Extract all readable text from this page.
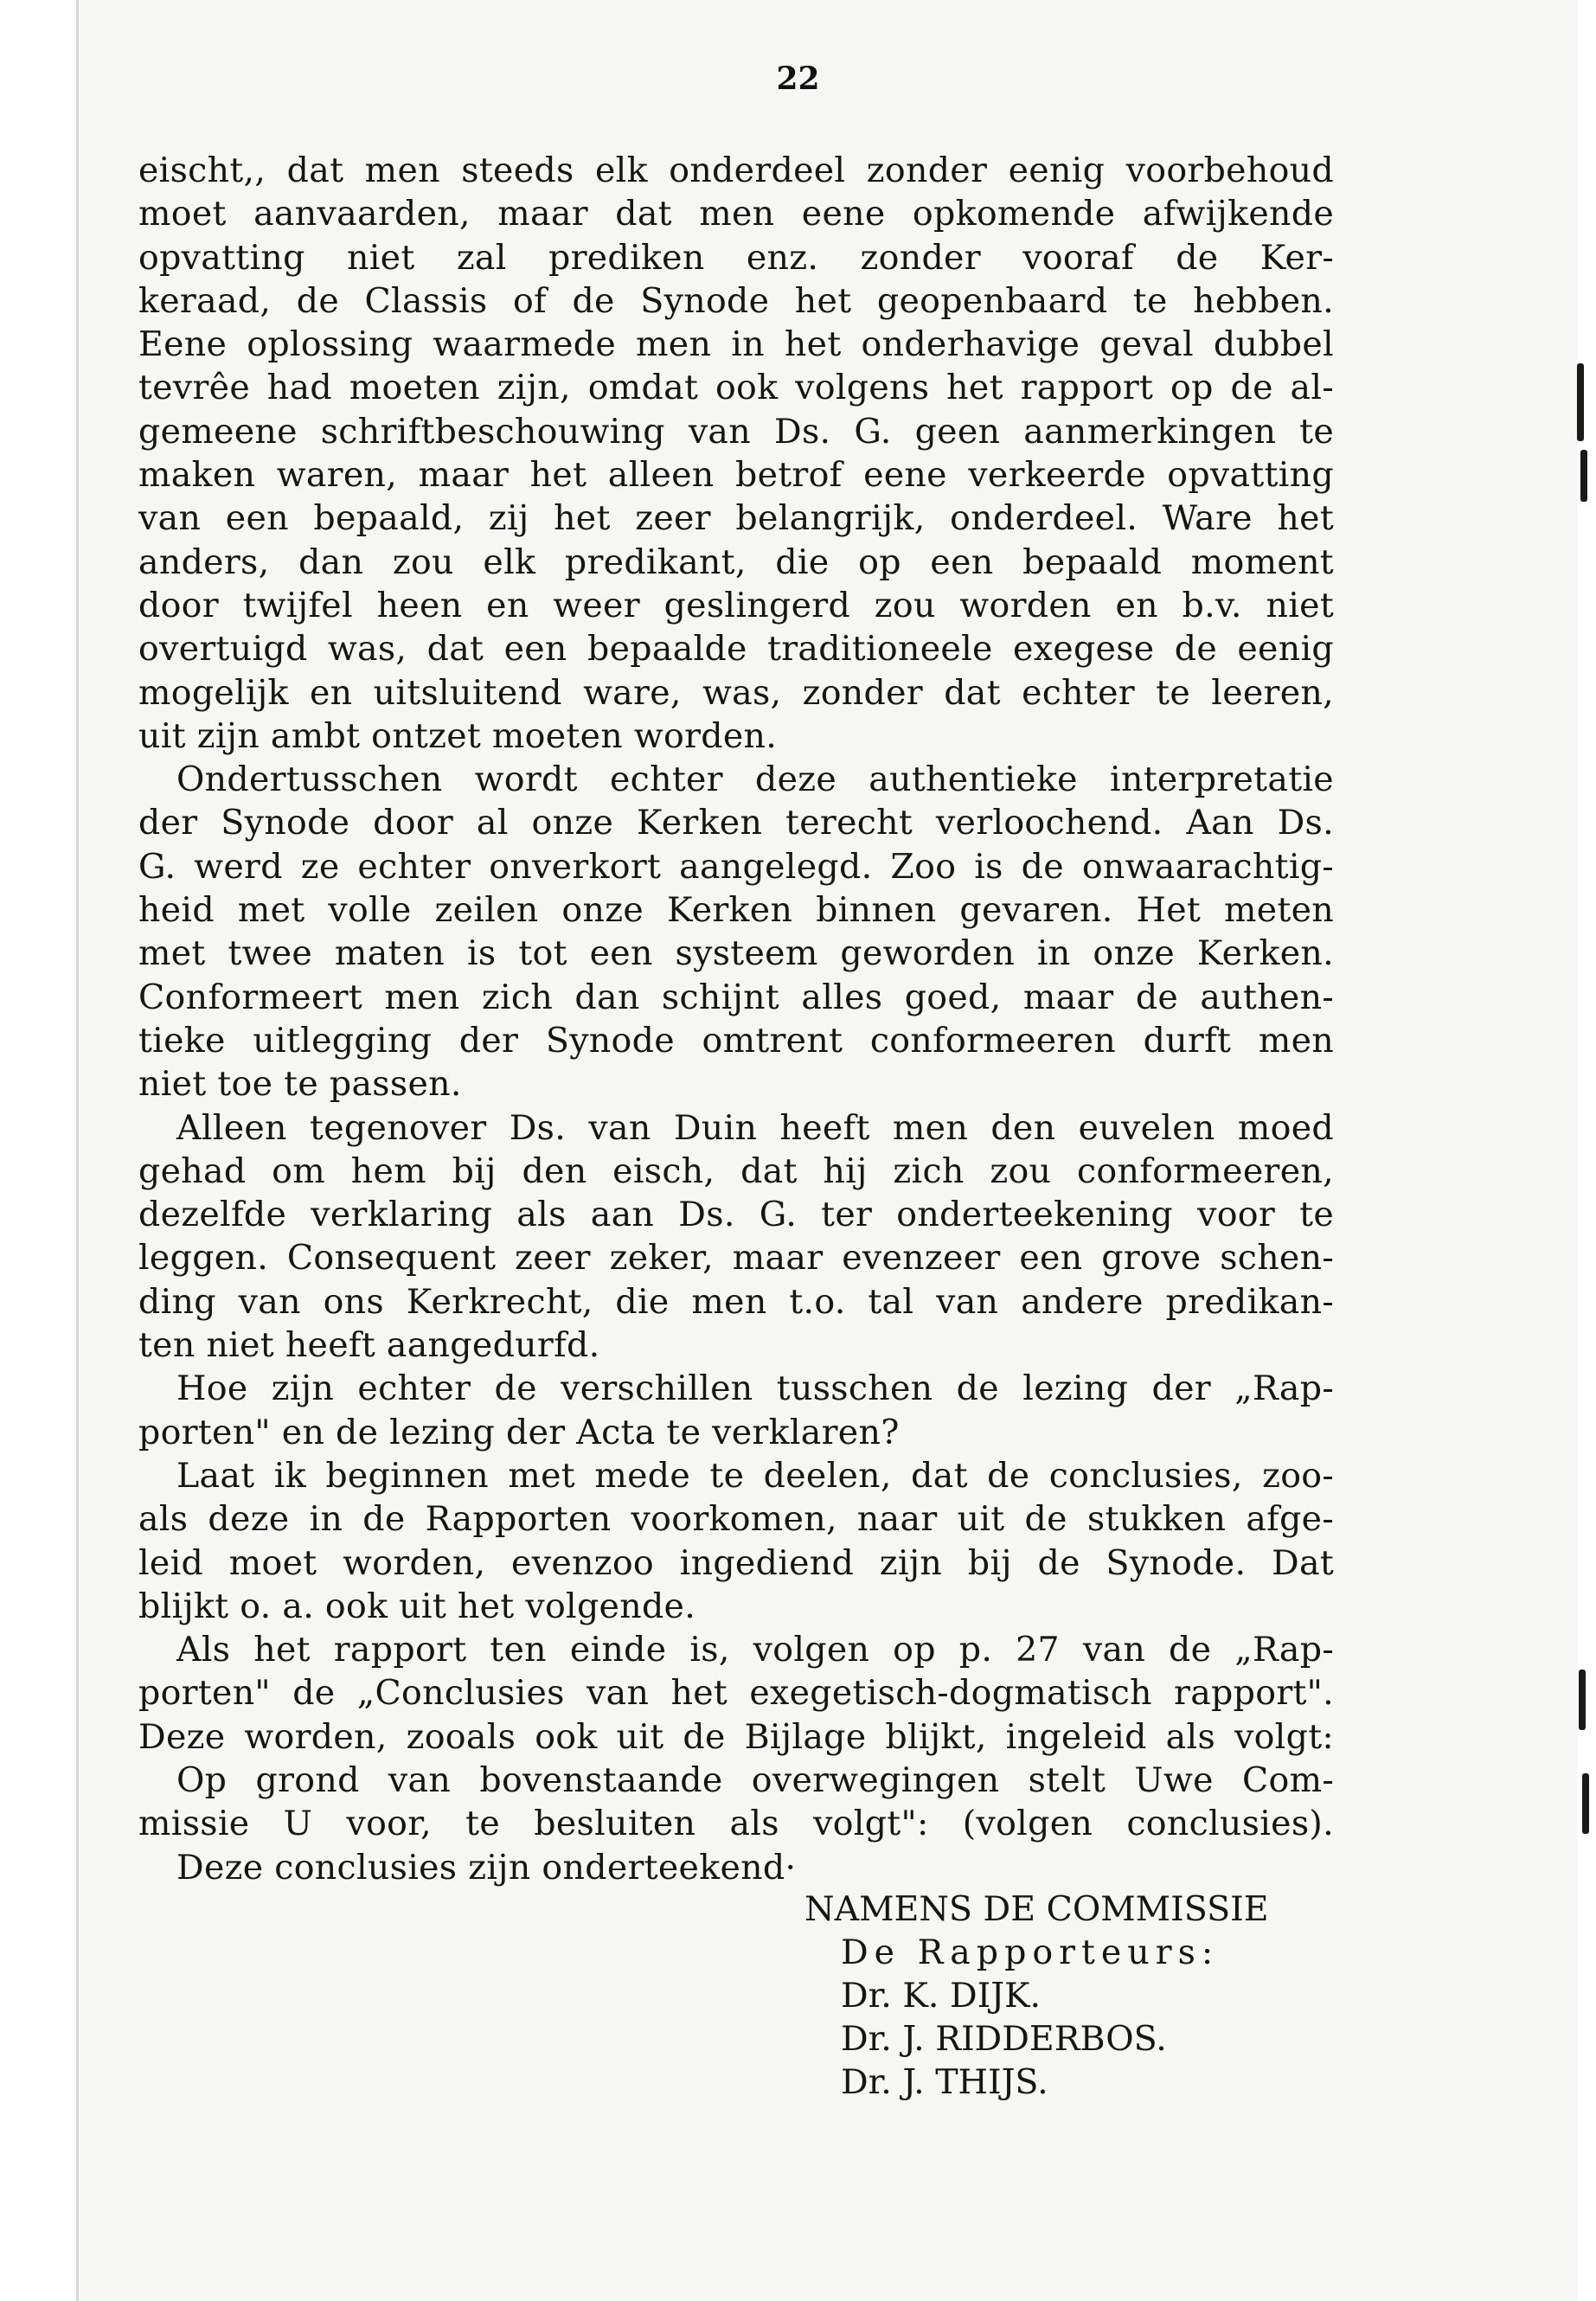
22
eischt,, dat men steeds elk onderdeel zonder eenig voorbehoud
moet aanvaarden, maar dat men eene opkomende afwijkende
opvatting niet zal prediken enz. zonder vooraf de Ker-
keraad, de Classis of de Synode het geopenbaard te hebben.
Eene oplossing waarmede men in het onderhavige geval dubbel
tevrêe had moeten zijn, omdat ook volgens het rapport op de al-
gemeene schriftbeschouwing van Ds. G. geen aanmerkingen te
maken waren, maar het alleen betrof eene verkeerde opvatting
van een bepaald, zij het zeer belangrijk, onderdeel. Ware het
anders, dan zou elk predikant, die op een bepaald moment
door twijfel heen en weer geslingerd zou worden en b.v. niet
overtuigd was, dat een bepaalde traditioneele exegese de eenig
mogelijk en uitsluitend ware, was, zonder dat echter te leeren,
uit zijn ambt ontzet moeten worden.
Ondertusschen wordt echter deze authentieke interpretatie
der Synode door al onze Kerken terecht verloochend. Aan Ds.
G. werd ze echter onverkort aangelegd. Zoo is de onwaarachtig-
heid met volle zeilen onze Kerken binnen gevaren. Het meten
met twee maten is tot een systeem geworden in onze Kerken.
Conformeert men zich dan schijnt alles goed, maar de authen-
tieke uitlegging der Synode omtrent conformeeren durft men
niet toe te passen.
Alleen tegenover Ds. van Duin heeft men den euvelen moed
gehad om hem bij den eisch, dat hij zich zou conformeeren,
dezelfde verklaring als aan Ds. G. ter onderteekening voor te
leggen. Consequent zeer zeker, maar evenzeer een grove schen-
ding van ons Kerkrecht, die men t.o. tal van andere predikan-
ten niet heeft aangedurfd.
Hoe zijn echter de verschillen tusschen de lezing der „Rap-
porten" en de lezing der Acta te verklaren?
Laat ik beginnen met mede te deelen, dat de conclusies, zoo-
als deze in de Rapporten voorkomen, naar uit de stukken afge-
leid moet worden, evenzoo ingediend zijn bij de Synode. Dat
blijkt o. a. ook uit het volgende.
Als het rapport ten einde is, volgen op p. 27 van de „Rap-
porten" de „Conclusies van het exegetisch-dogmatisch rapport".
Deze worden, zooals ook uit de Bijlage blijkt, ingeleid als volgt:
Op grond van bovenstaande overwegingen stelt Uwe Com-
missie U voor, te besluiten als volgt": (volgen conclusies).
Deze conclusies zijn onderteekend·
NAMENS DE COMMISSIE
De Rapporteurs:
Dr. K. DIJK.
Dr. J. RIDDERBOS.
Dr. J. THIJS.
